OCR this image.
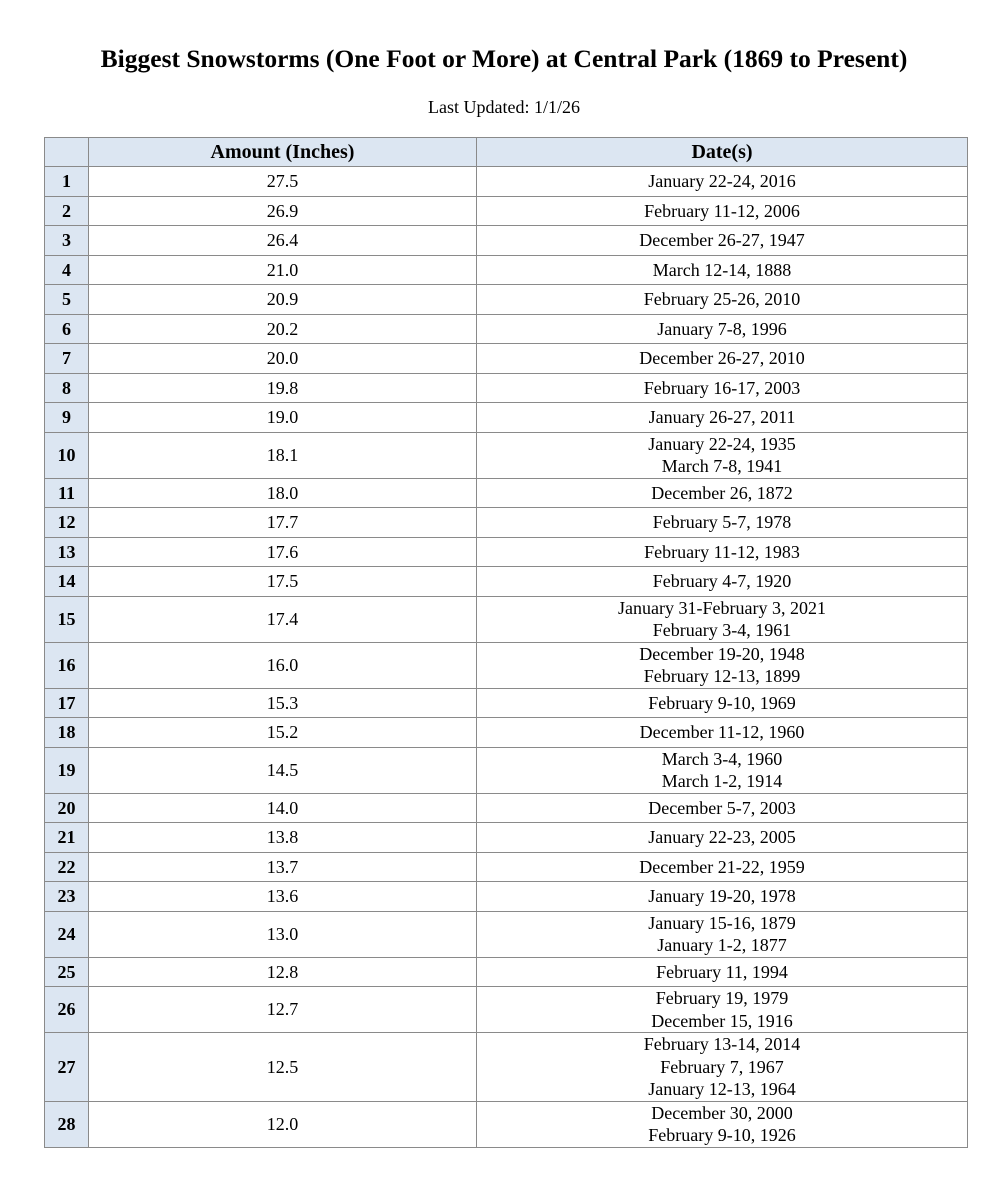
Biggest Snowstorms (One Foot or More) at Central Park (1869 to Present)
Last Updated: 1/1/26
	Amount (Inches)	Date(s)
1	27.5	January 22-24, 2016

2	26.9	February 11-12, 2006

3	26.4	December 26-27, 1947

4	21.0	March 12-14, 1888

5	20.9	February 25-26, 2010

6	20.2	January 7-8, 1996

7	20.0	December 26-27, 2010

8	19.8	February 16-17, 2003

9	19.0	January 26-27, 2011

10	18.1	January 22-24, 1935
March 7-8, 1941

11	18.0	December 26, 1872

12	17.7	February 5-7, 1978

13	17.6	February 11-12, 1983

14	17.5	February 4-7, 1920

15	17.4	January 31-February 3, 2021
February 3-4, 1961

16	16.0	December 19-20, 1948
February 12-13, 1899

17	15.3	February 9-10, 1969

18	15.2	December 11-12, 1960

19	14.5	March 3-4, 1960
March 1-2, 1914

20	14.0	December 5-7, 2003

21	13.8	January 22-23, 2005

22	13.7	December 21-22, 1959

23	13.6	January 19-20, 1978

24	13.0	January 15-16, 1879
January 1-2, 1877

25	12.8	February 11, 1994

26	12.7	February 19, 1979
December 15, 1916

27	12.5	February 13-14, 2014
February 7, 1967
January 12-13, 1964

28	12.0	December 30, 2000
February 9-10, 1926
